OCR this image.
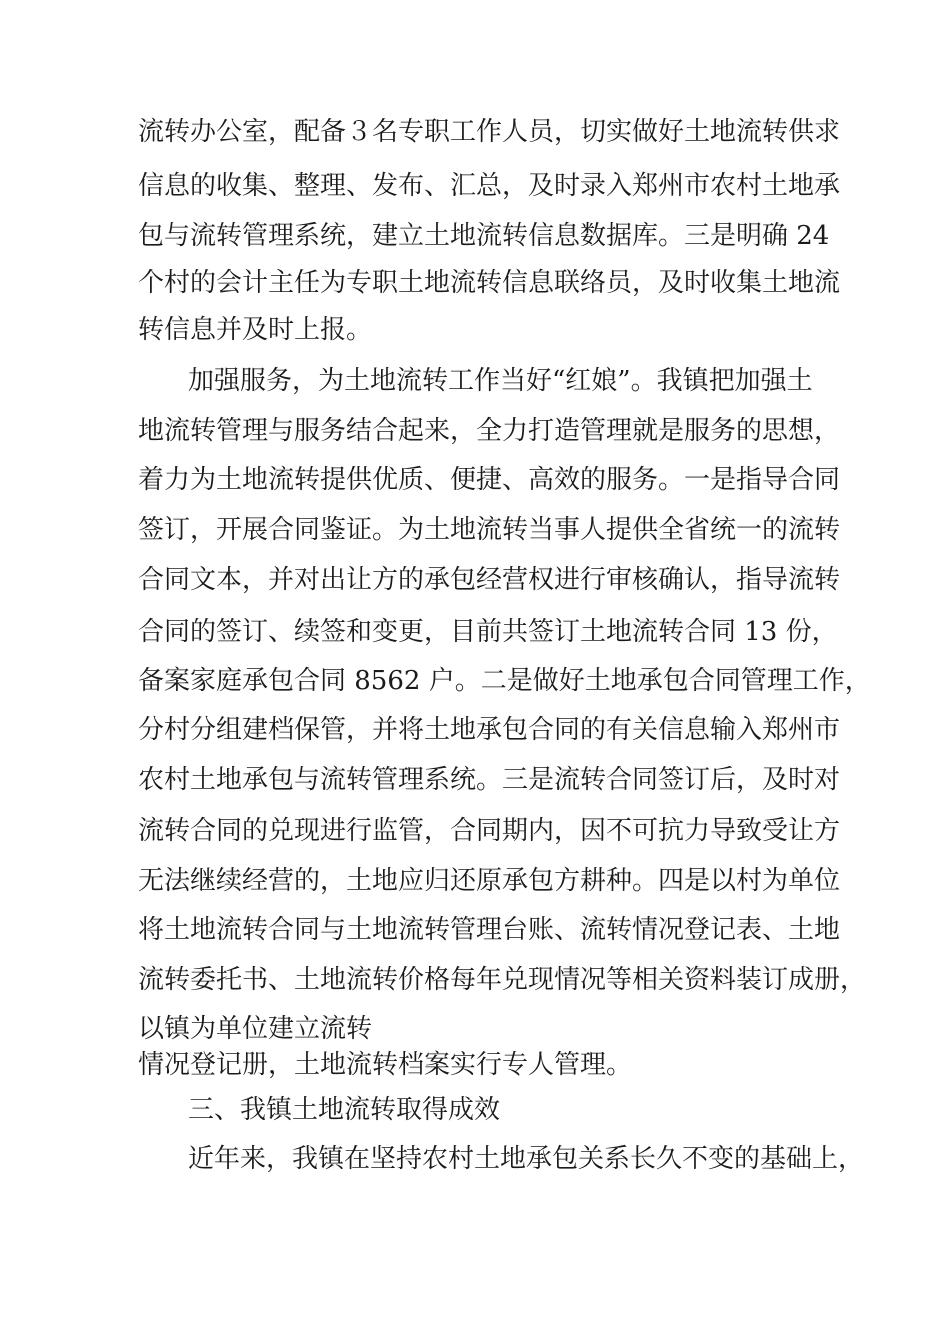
流转办公室，配备３名专职工作人员，切实做好土地流转供求
信息的收集、整理、发布、汇总，及时录入郑州市农村土地承
包与流转管理系统，建立土地流转信息数据库。三是明确 24
个村的会计主任为专职土地流转信息联络员，及时收集土地流
转信息并及时上报。
加强服务，为土地流转工作当好“红娘”。我镇把加强土
地流转管理与服务结合起来，全力打造管理就是服务的思想，
着力为土地流转提供优质、便捷、高效的服务。一是指导合同
签订，开展合同鉴证。为土地流转当事人提供全省统一的流转
合同文本，并对出让方的承包经营权进行审核确认，指导流转
合同的签订、续签和变更，目前共签订土地流转合同 13 份，
备案家庭承包合同 8562 户。二是做好土地承包合同管理工作，
分村分组建档保管，并将土地承包合同的有关信息输入郑州市
农村土地承包与流转管理系统。三是流转合同签订后，及时对
流转合同的兑现进行监管，合同期内，因不可抗力导致受让方
无法继续经营的，土地应归还原承包方耕种。四是以村为单位
将土地流转合同与土地流转管理台账、流转情况登记表、土地
流转委托书、土地流转价格每年兑现情况等相关资料装订成册，
以镇为单位建立流转
情况登记册，土地流转档案实行专人管理。
三、我镇土地流转取得成效
近年来，我镇在坚持农村土地承包关系长久不变的基础上，
